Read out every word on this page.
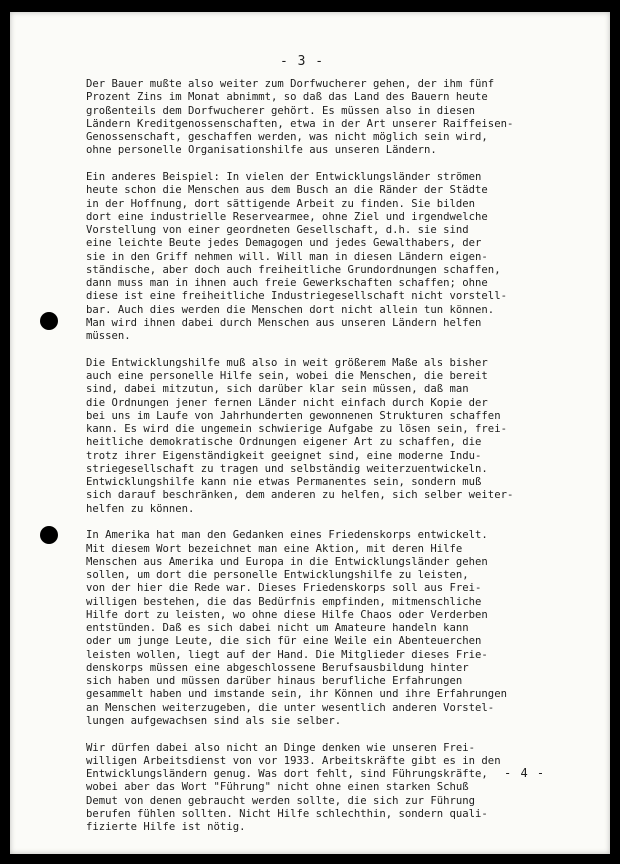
- 3 -

Der Bauer mußte also weiter zum Dorfwucherer gehen, der ihm fünf
Prozent Zins im Monat abnimmt, so daß das Land des Bauern heute
großenteils dem Dorfwucherer gehört. Es müssen also in diesen
Ländern Kreditgenossenschaften, etwa in der Art unserer Raiffeisen-
Genossenschaft, geschaffen werden, was nicht möglich sein wird,
ohne personelle Organisationshilfe aus unseren Ländern.

Ein anderes Beispiel: In vielen der Entwicklungsländer strömen
heute schon die Menschen aus dem Busch an die Ränder der Städte
in der Hoffnung, dort sättigende Arbeit zu finden. Sie bilden
dort eine industrielle Reservearmee, ohne Ziel und irgendwelche
Vorstellung von einer geordneten Gesellschaft, d.h. sie sind
eine leichte Beute jedes Demagogen und jedes Gewalthabers, der
sie in den Griff nehmen will. Will man in diesen Ländern eigen-
ständische, aber doch auch freiheitliche Grundordnungen schaffen,
dann muss man in ihnen auch freie Gewerkschaften schaffen; ohne
diese ist eine freiheitliche Industriegesellschaft nicht vorstell-
bar. Auch dies werden die Menschen dort nicht allein tun können.
Man wird ihnen dabei durch Menschen aus unseren Ländern helfen
müssen.

Die Entwicklungshilfe muß also in weit größerem Maße als bisher
auch eine personelle Hilfe sein, wobei die Menschen, die bereit
sind, dabei mitzutun, sich darüber klar sein müssen, daß man
die Ordnungen jener fernen Länder nicht einfach durch Kopie der
bei uns im Laufe von Jahrhunderten gewonnenen Strukturen schaffen
kann. Es wird die ungemein schwierige Aufgabe zu lösen sein, frei-
heitliche demokratische Ordnungen eigener Art zu schaffen, die
trotz ihrer Eigenständigkeit geeignet sind, eine moderne Indu-
striegesellschaft zu tragen und selbständig weiterzuentwickeln.
Entwicklungshilfe kann nie etwas Permanentes sein, sondern muß
sich darauf beschränken, dem anderen zu helfen, sich selber weiter-
helfen zu können.

In Amerika hat man den Gedanken eines Friedenskorps entwickelt.
Mit diesem Wort bezeichnet man eine Aktion, mit deren Hilfe
Menschen aus Amerika und Europa in die Entwicklungsländer gehen
sollen, um dort die personelle Entwicklungshilfe zu leisten,
von der hier die Rede war. Dieses Friedenskorps soll aus Frei-
willigen bestehen, die das Bedürfnis empfinden, mitmenschliche
Hilfe dort zu leisten, wo ohne diese Hilfe Chaos oder Verderben
entstünden. Daß es sich dabei nicht um Amateure handeln kann
oder um junge Leute, die sich für eine Weile ein Abenteuerchen
leisten wollen, liegt auf der Hand. Die Mitglieder dieses Frie-
denskorps müssen eine abgeschlossene Berufsausbildung hinter
sich haben und müssen darüber hinaus berufliche Erfahrungen
gesammelt haben und imstande sein, ihr Können und ihre Erfahrungen
an Menschen weiterzugeben, die unter wesentlich anderen Vorstel-
lungen aufgewachsen sind als sie selber.

Wir dürfen dabei also nicht an Dinge denken wie unseren Frei-
willigen Arbeitsdienst von vor 1933. Arbeitskräfte gibt es in den
Entwicklungsländern genug. Was dort fehlt, sind Führungskräfte,
wobei aber das Wort "Führung" nicht ohne einen starken Schuß
Demut von denen gebraucht werden sollte, die sich zur Führung
berufen fühlen sollten. Nicht Hilfe schlechthin, sondern quali-
fizierte Hilfe ist nötig.

- 4 -
